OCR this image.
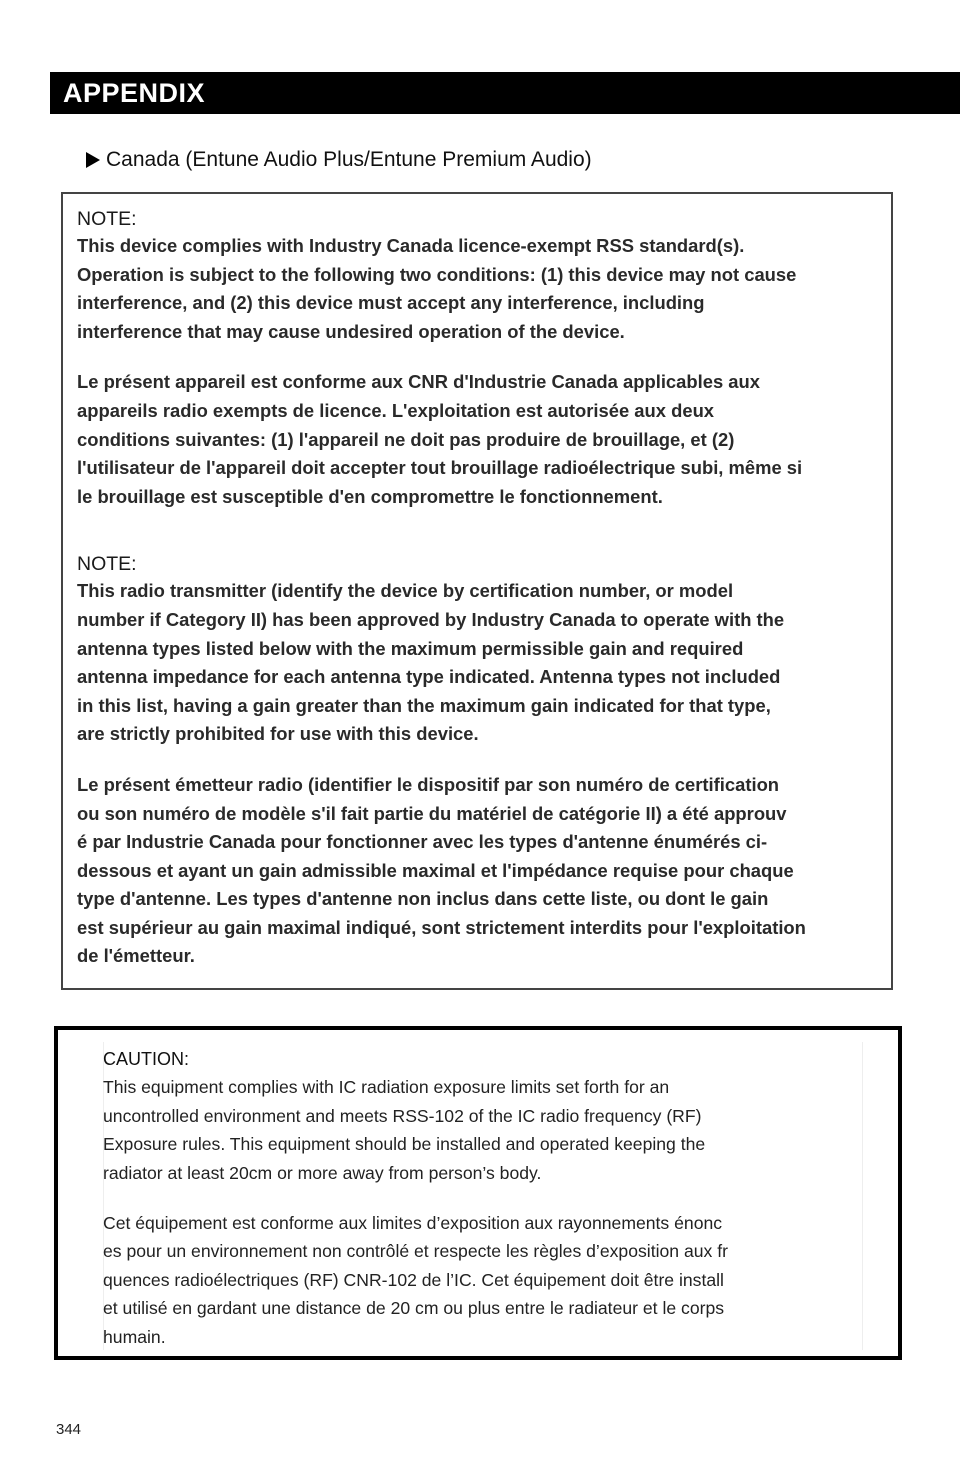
APPENDIX
Canada (Entune Audio Plus/Entune Premium Audio)
NOTE:
This device complies with Industry Canada licence-exempt RSS standard(s).
Operation is subject to the following two conditions: (1) this device may not cause
interference, and (2) this device must accept any interference, including
interference that may cause undesired operation of the device.
Le présent appareil est conforme aux CNR d'Industrie Canada applicables aux
appareils radio exempts de licence. L'exploitation est autorisée aux deux
conditions suivantes: (1) l'appareil ne doit pas produire de brouillage, et (2)
l'utilisateur de l'appareil doit accepter tout brouillage radioélectrique subi, même si
le brouillage est susceptible d'en compromettre le fonctionnement.
NOTE:
This radio transmitter (identify the device by certification number, or model
number if Category II) has been approved by Industry Canada to operate with the
antenna types listed below with the maximum permissible gain and required
antenna impedance for each antenna type indicated. Antenna types not included
in this list, having a gain greater than the maximum gain indicated for that type,
are strictly prohibited for use with this device.
Le présent émetteur radio (identifier le dispositif par son numéro de certification
ou son numéro de modèle s'il fait partie du matériel de catégorie II) a été approuv
é par Industrie Canada pour fonctionner avec les types d'antenne énumérés ci-
dessous et ayant un gain admissible maximal et l'impédance requise pour chaque
type d'antenne. Les types d'antenne non inclus dans cette liste, ou dont le gain
est supérieur au gain maximal indiqué, sont strictement interdits pour l'exploitation
de l'émetteur.
CAUTION:
This equipment complies with IC radiation exposure limits set forth for an
uncontrolled environment and meets RSS-102 of the IC radio frequency (RF)
Exposure rules. This equipment should be installed and operated keeping the
radiator at least 20cm or more away from person’s body.
Cet équipement est conforme aux limites d’exposition aux rayonnements énonc
es pour un environnement non contrôlé et respecte les règles d’exposition aux fr
quences radioélectriques (RF) CNR-102 de l’IC. Cet équipement doit être install
et utilisé en gardant une distance de 20 cm ou plus entre le radiateur et le corps
humain.
344
